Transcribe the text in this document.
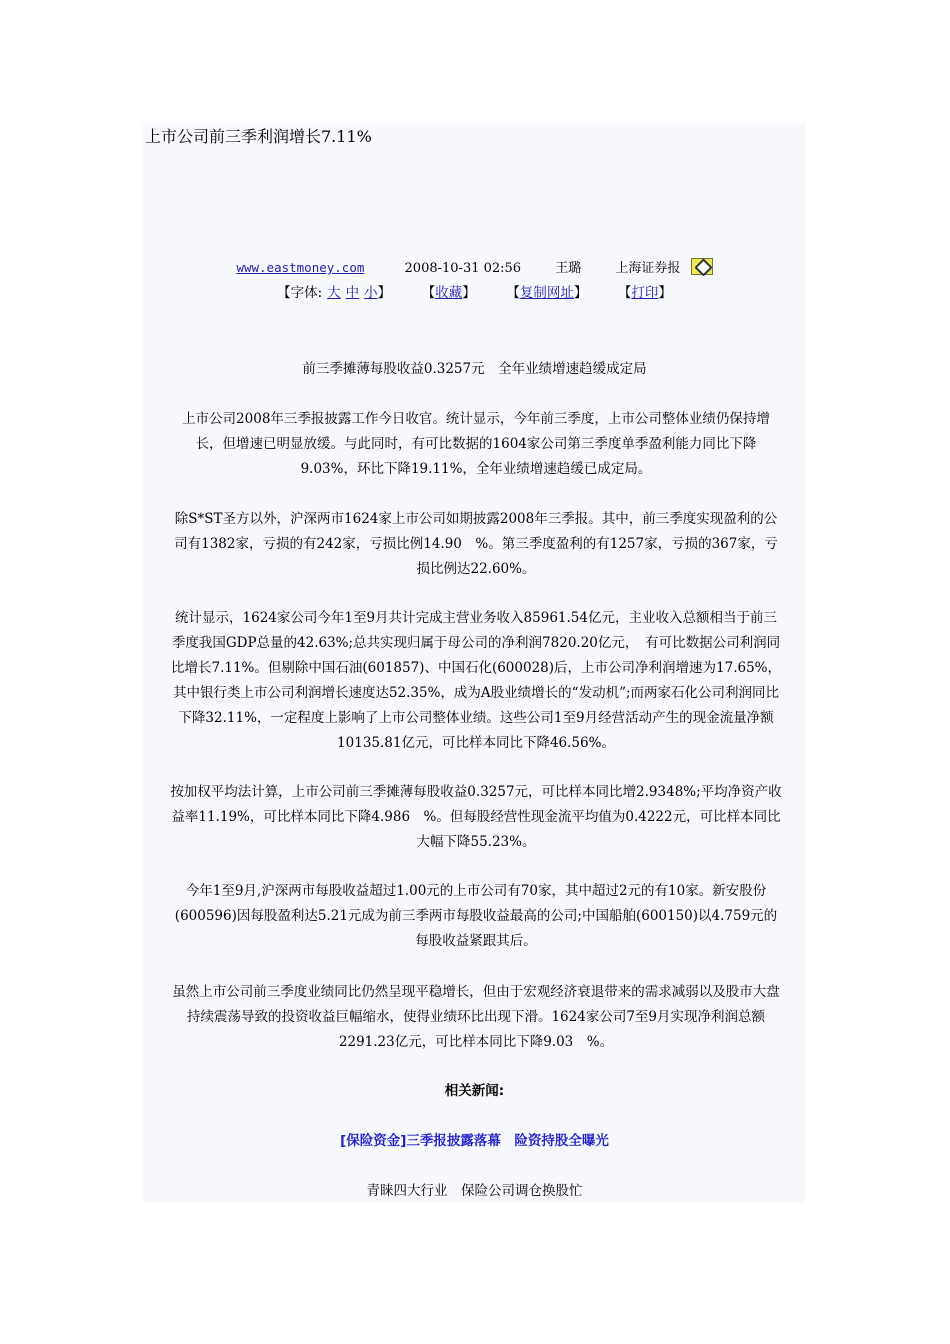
上市公司前三季利润增长7.11%
www.eastmoney.com	2008-10-31 02:56	王璐	上海证券报
【字体: 大 中 小】 【收藏】 【复制网址】 【打印】
前三季摊薄每股收益0.3257元　全年业绩增速趋缓成定局

上市公司2008年三季报披露工作今日收官。统计显示，今年前三季度，上市公司整体业绩仍保持增长，但增速已明显放缓。与此同时，有可比数据的1604家公司第三季度单季盈利能力同比下降9.03%，环比下降19.11%，全年业绩增速趋缓已成定局。

除S*ST圣方以外，沪深两市1624家上市公司如期披露2008年三季报。其中，前三季度实现盈利的公司有1382家，亏损的有242家，亏损比例14.90　%。第三季度盈利的有1257家，亏损的367家，亏损比例达22.60%。

统计显示，1624家公司今年1至9月共计完成主营业务收入85961.54亿元，主业收入总额相当于前三季度我国GDP总量的42.63%;总共实现归属于母公司的净利润7820.20亿元，　有可比数据公司利润同比增长7.11%。但剔除中国石油(601857)、中国石化(600028)后，上市公司净利润增速为17.65%，其中银行类上市公司利润增长速度达52.35%，成为A股业绩增长的“发动机”;而两家石化公司利润同比下降32.11%，一定程度上影响了上市公司整体业绩。这些公司1至9月经营活动产生的现金流量净额10135.81亿元，可比样本同比下降46.56%。

按加权平均法计算，上市公司前三季摊薄每股收益0.3257元，可比样本同比增2.9348%;平均净资产收益率11.19%，可比样本同比下降4.986　%。但每股经营性现金流平均值为0.4222元，可比样本同比大幅下降55.23%。

今年1至9月,沪深两市每股收益超过1.00元的上市公司有70家，其中超过2元的有10家。新安股份(600596)因每股盈利达5.21元成为前三季两市每股收益最高的公司;中国船舶(600150)以4.759元的每股收益紧跟其后。

虽然上市公司前三季度业绩同比仍然呈现平稳增长，但由于宏观经济衰退带来的需求减弱以及股市大盘持续震荡导致的投资收益巨幅缩水，使得业绩环比出现下滑。1624家公司7至9月实现净利润总额2291.23亿元，可比样本同比下降9.03　%。

相关新闻:
[保险资金]三季报披露落幕　险资持股全曝光
青睐四大行业　保险公司调仓换股忙
